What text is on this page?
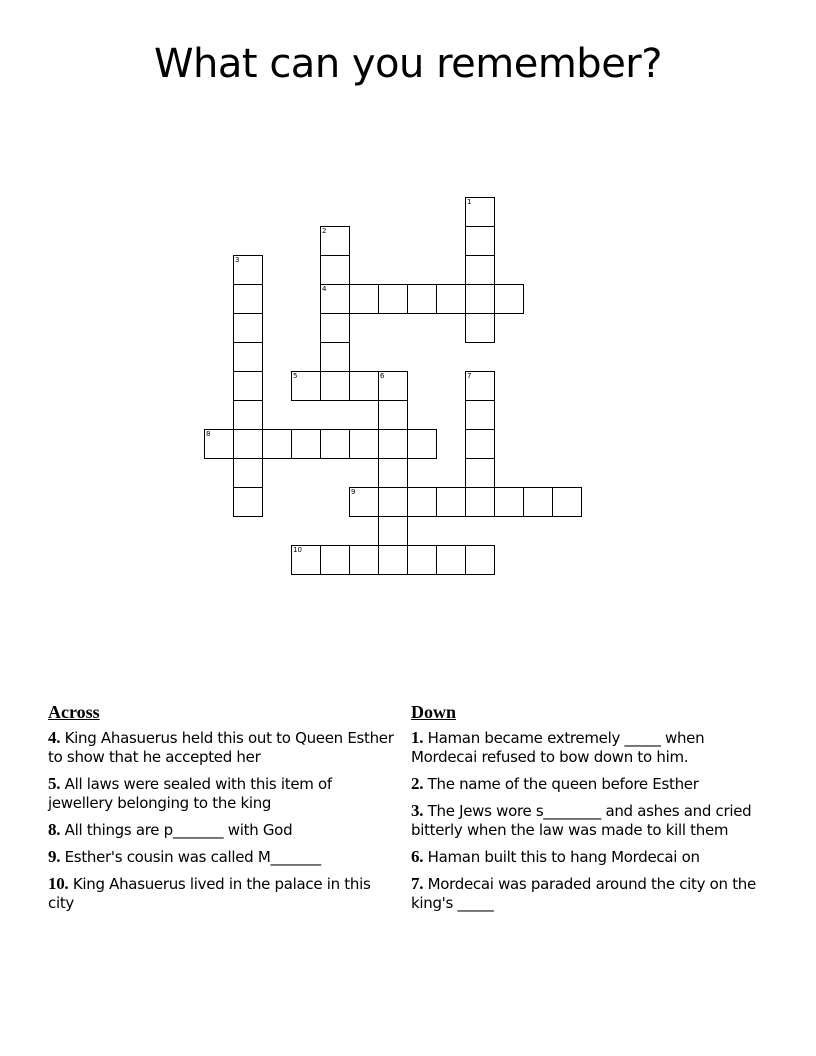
What can you remember?
1
2
4
3
5	6	7
8
9
10
Across
4. King Ahasuerus held this out to Queen Esther to show that he accepted her
5. All laws were sealed with this item of jewellery belonging to the king
8. All things are p_______ with God
9. Esther's cousin was called M_______
10. King Ahasuerus lived in the palace in this city
Down
1. Haman became extremely _____ when Mordecai refused to bow down to him.
2. The name of the queen before Esther
3. The Jews wore s________ and ashes and cried bitterly when the law was made to kill them
6. Haman built this to hang Mordecai on
7. Mordecai was paraded around the city on the king's _____
